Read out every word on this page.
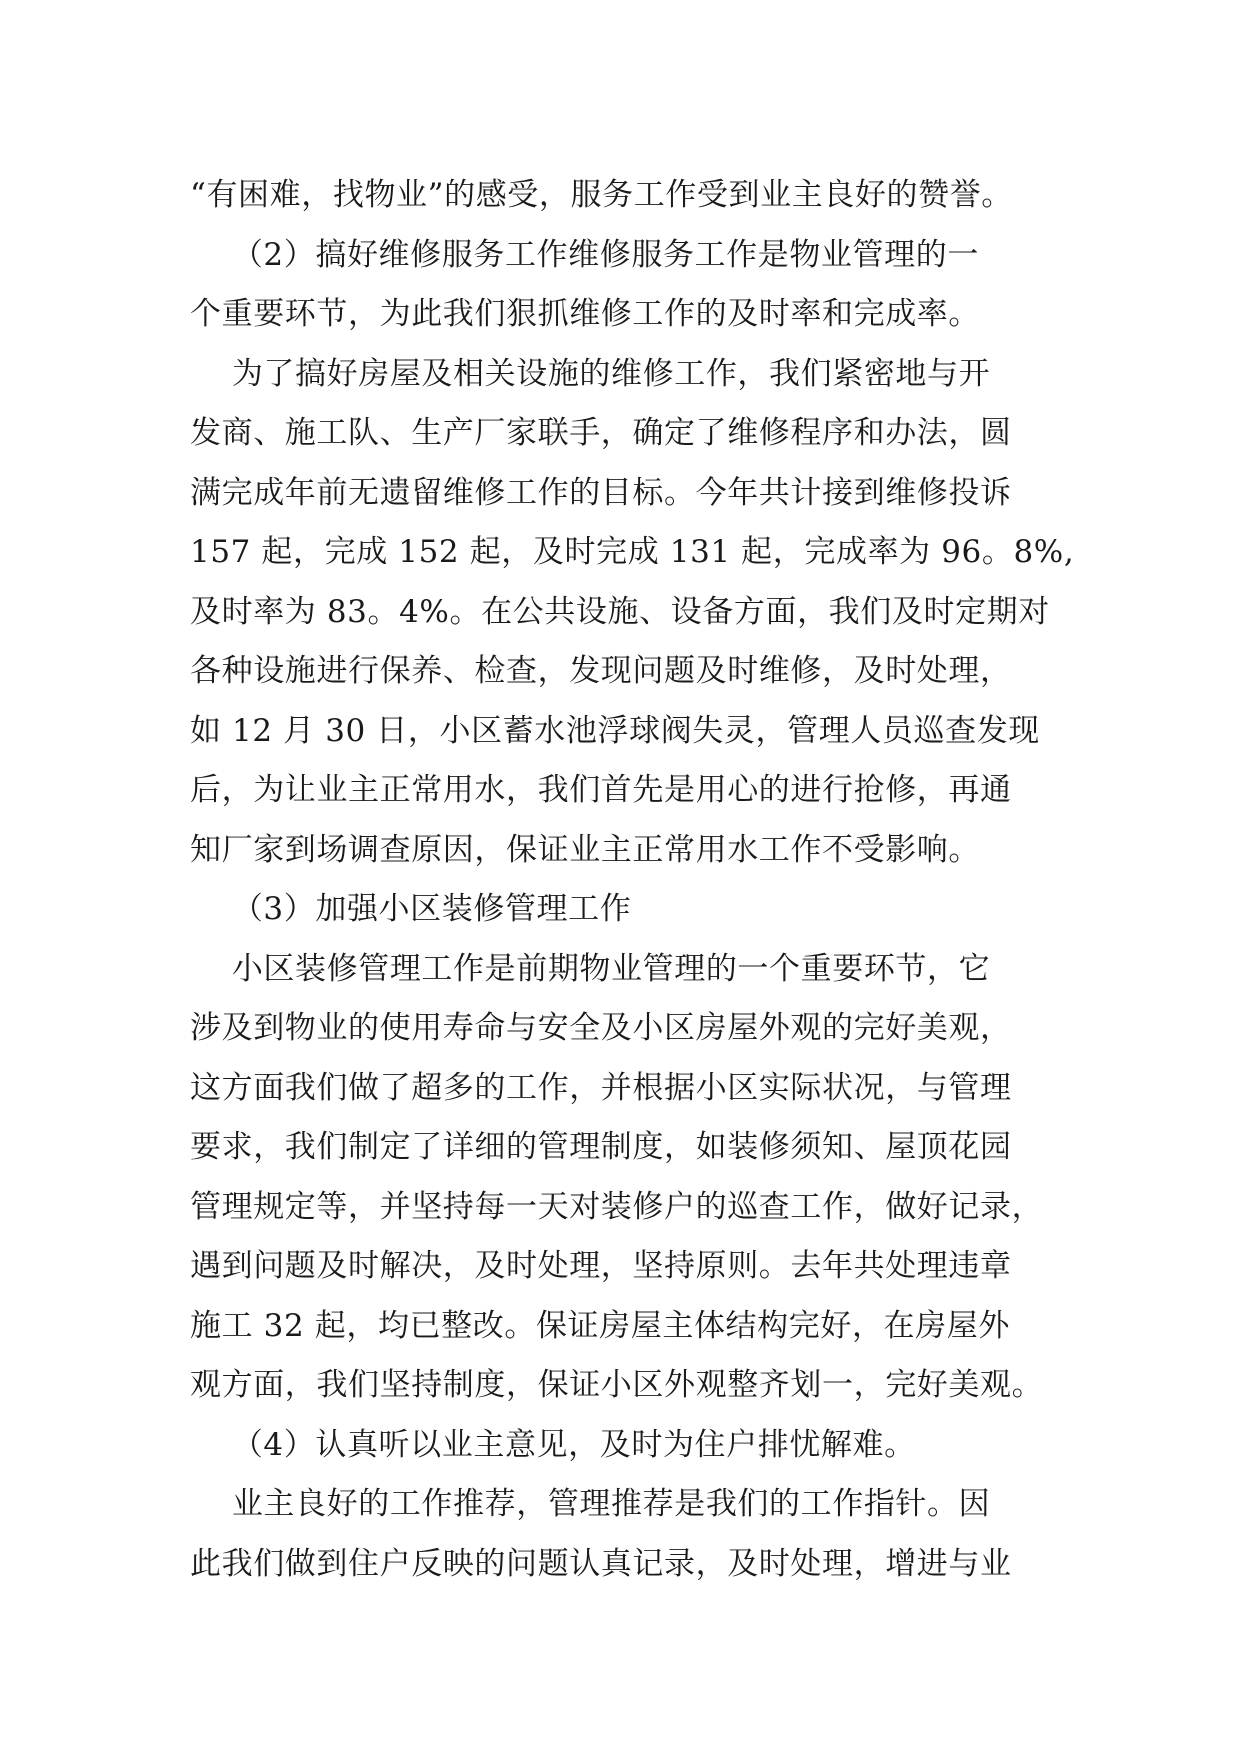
“有困难，找物业”的感受，服务工作受到业主良好的赞誉。
（2）搞好维修服务工作维修服务工作是物业管理的一
个重要环节，为此我们狠抓维修工作的及时率和完成率。
为了搞好房屋及相关设施的维修工作，我们紧密地与开
发商、施工队、生产厂家联手，确定了维修程序和办法，圆
满完成年前无遗留维修工作的目标。今年共计接到维修投诉
157 起，完成 152 起，及时完成 131 起，完成率为 96。8%,
及时率为 83。4%。在公共设施、设备方面，我们及时定期对
各种设施进行保养、检查，发现问题及时维修，及时处理，
如 12 月 30 日，小区蓄水池浮球阀失灵，管理人员巡查发现
后，为让业主正常用水，我们首先是用心的进行抢修，再通
知厂家到场调查原因，保证业主正常用水工作不受影响。
（3）加强小区装修管理工作
小区装修管理工作是前期物业管理的一个重要环节，它
涉及到物业的使用寿命与安全及小区房屋外观的完好美观，
这方面我们做了超多的工作，并根据小区实际状况，与管理
要求，我们制定了详细的管理制度，如装修须知、屋顶花园
管理规定等，并坚持每一天对装修户的巡查工作，做好记录，
遇到问题及时解决，及时处理，坚持原则。去年共处理违章
施工 32 起，均已整改。保证房屋主体结构完好，在房屋外
观方面，我们坚持制度，保证小区外观整齐划一，完好美观。
（4）认真听以业主意见，及时为住户排忧解难。
业主良好的工作推荐，管理推荐是我们的工作指针。因
此我们做到住户反映的问题认真记录，及时处理，增进与业
